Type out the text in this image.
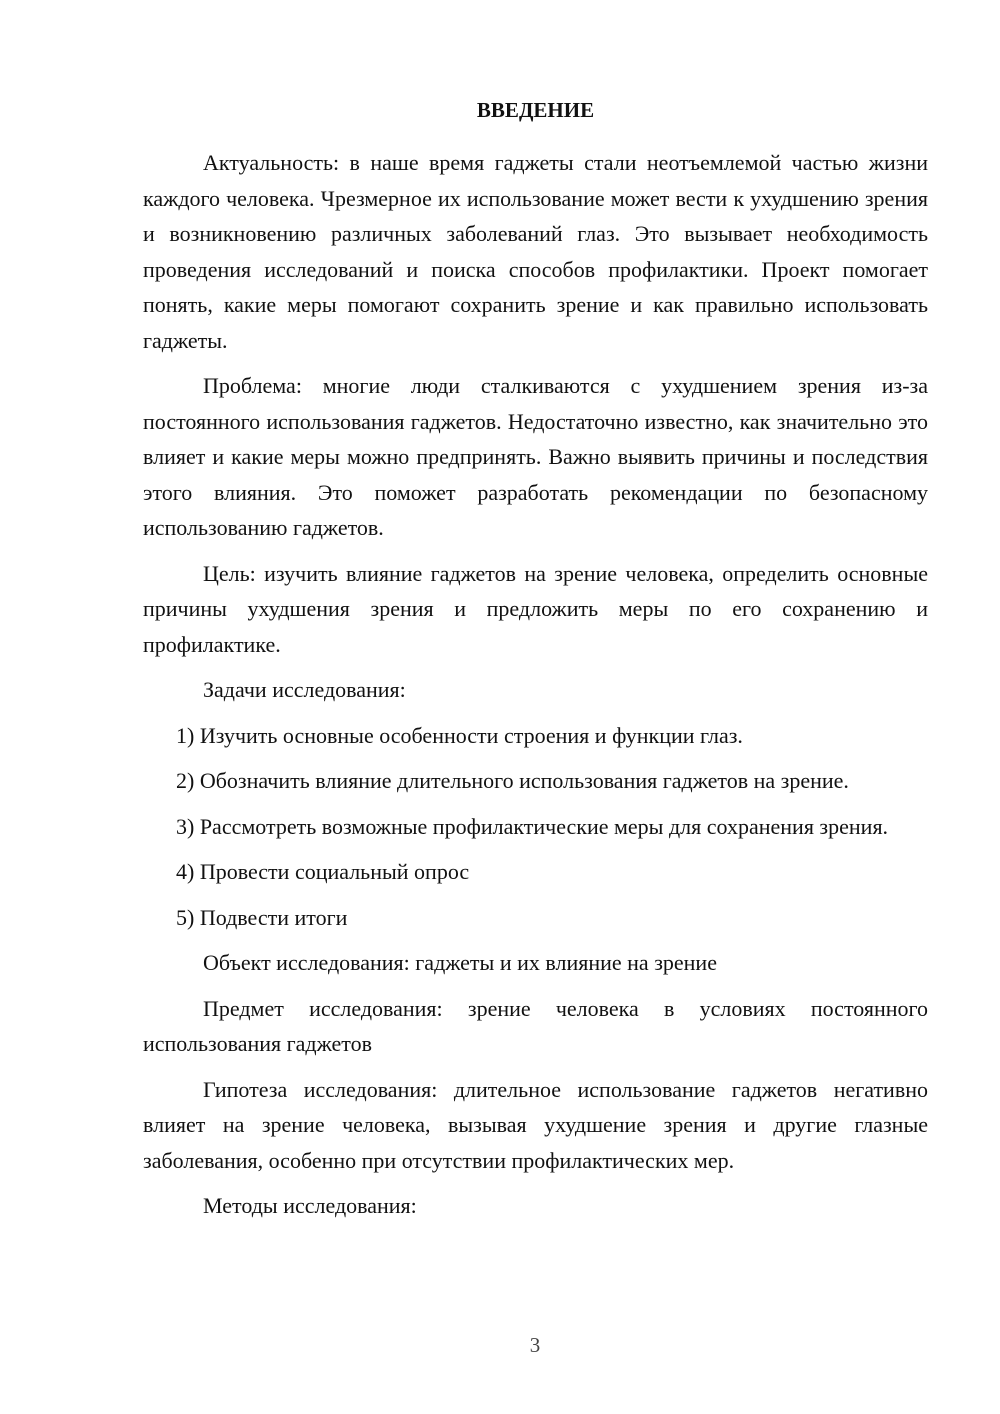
ВВЕДЕНИЕ

Актуальность: в наше время гаджеты стали неотъемлемой частью жизни каждого человека. Чрезмерное их использование может вести к ухудшению зрения и возникновению различных заболеваний глаз. Это вызывает необходимость проведения исследований и поиска способов профилактики. Проект помогает понять, какие меры помогают сохранить зрение и как правильно использовать гаджеты.

Проблема: многие люди сталкиваются с ухудшением зрения из-за постоянного использования гаджетов. Недостаточно известно, как значительно это влияет и какие меры можно предпринять. Важно выявить причины и последствия этого влияния. Это поможет разработать рекомендации по безопасному использованию гаджетов.

Цель: изучить влияние гаджетов на зрение человека, определить основные причины ухудшения зрения и предложить меры по его сохранению и профилактике.

Задачи исследования:

1) Изучить основные особенности строения и функции глаз.

2) Обозначить влияние длительного использования гаджетов на зрение.

3) Рассмотреть возможные профилактические меры для сохранения зрения.

4) Провести социальный опрос

5) Подвести итоги

Объект исследования: гаджеты и их влияние на зрение

Предмет исследования: зрение человека в условиях постоянного использования гаджетов

Гипотеза исследования: длительное использование гаджетов негативно влияет на зрение человека, вызывая ухудшение зрения и другие глазные заболевания, особенно при отсутствии профилактических мер.

Методы исследования:

3
